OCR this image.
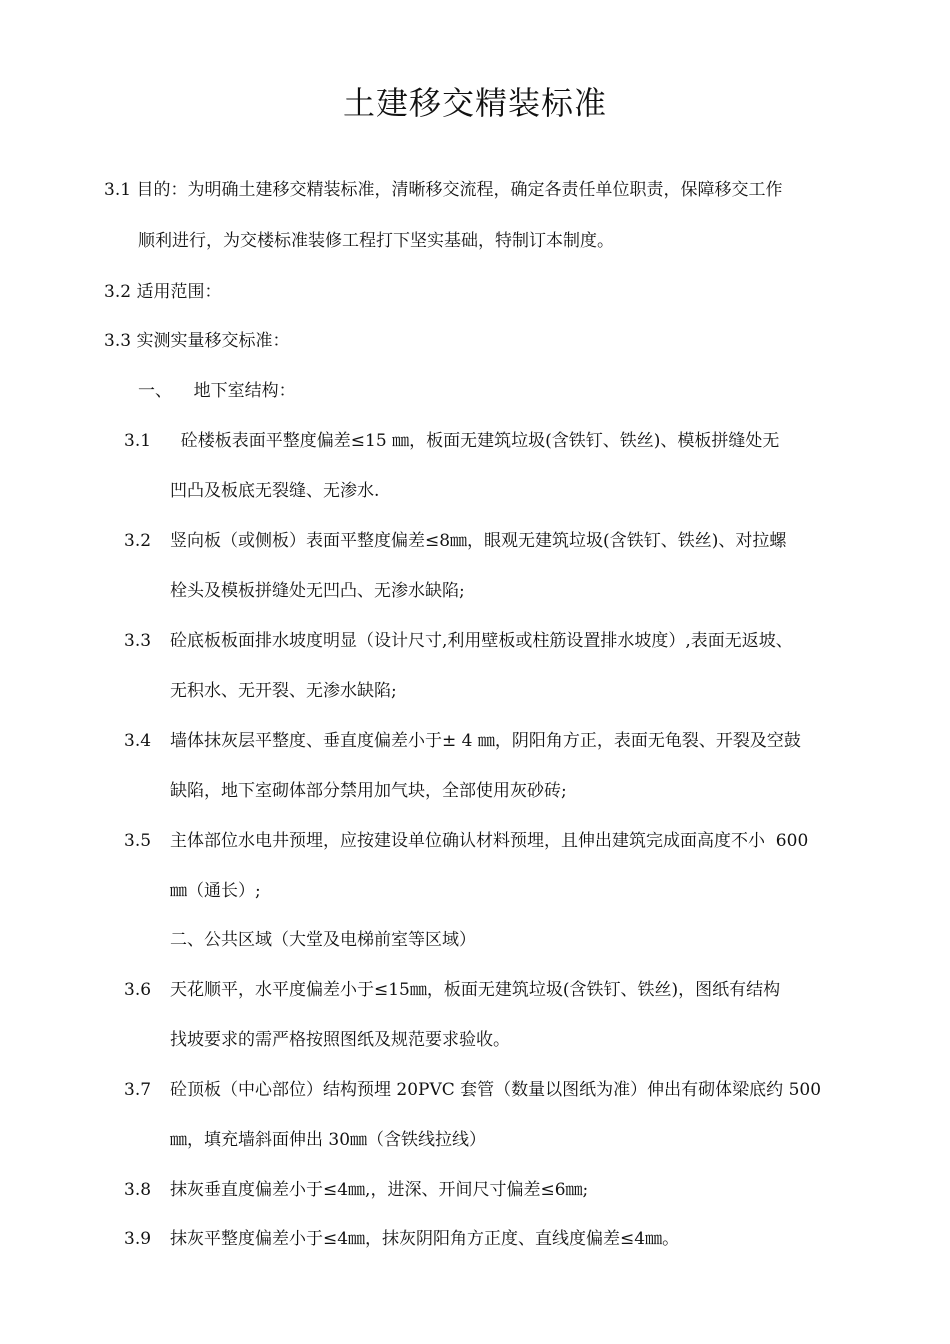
土建移交精装标准
3.1 目的：为明确土建移交精装标准，清晰移交流程，确定各责任单位职责，保障移交工作
顺利进行，为交楼标准装修工程打下坚实基础，特制订本制度。
3.2 适用范围：
3.3 实测实量移交标准：
一、    地下室结构：
3.1 砼楼板表面平整度偏差≤15 ㎜，板面无建筑垃圾(含铁钉、铁丝)、模板拼缝处无
凹凸及板底无裂缝、无渗水.
3.2 竖向板（或侧板）表面平整度偏差≤8㎜，眼观无建筑垃圾(含铁钉、铁丝)、对拉螺
栓头及模板拼缝处无凹凸、无渗水缺陷;
3.3 砼底板板面排水坡度明显（设计尺寸,利用壁板或柱筋设置排水坡度）,表面无返坡、
无积水、无开裂、无渗水缺陷;
3.4 墙体抹灰层平整度、垂直度偏差小于± 4 ㎜，阴阳角方正，表面无龟裂、开裂及空鼓
缺陷，地下室砌体部分禁用加气块，全部使用灰砂砖;
3.5 主体部位水电井预埋，应按建设单位确认材料预埋，且伸出建筑完成面高度不小  600
㎜（通长）;
二、公共区域（大堂及电梯前室等区域）
3.6 天花顺平，水平度偏差小于≤15㎜，板面无建筑垃圾(含铁钉、铁丝)，图纸有结构
找坡要求的需严格按照图纸及规范要求验收。
3.7 砼顶板（中心部位）结构预埋 20PVC 套管（数量以图纸为准）伸出有砌体梁底约 500
㎜，填充墙斜面伸出 30㎜（含铁线拉线）
3.8 抹灰垂直度偏差小于≤4㎜,，进深、开间尺寸偏差≤6㎜;
3.9 抹灰平整度偏差小于≤4㎜，抹灰阴阳角方正度、直线度偏差≤4㎜。
